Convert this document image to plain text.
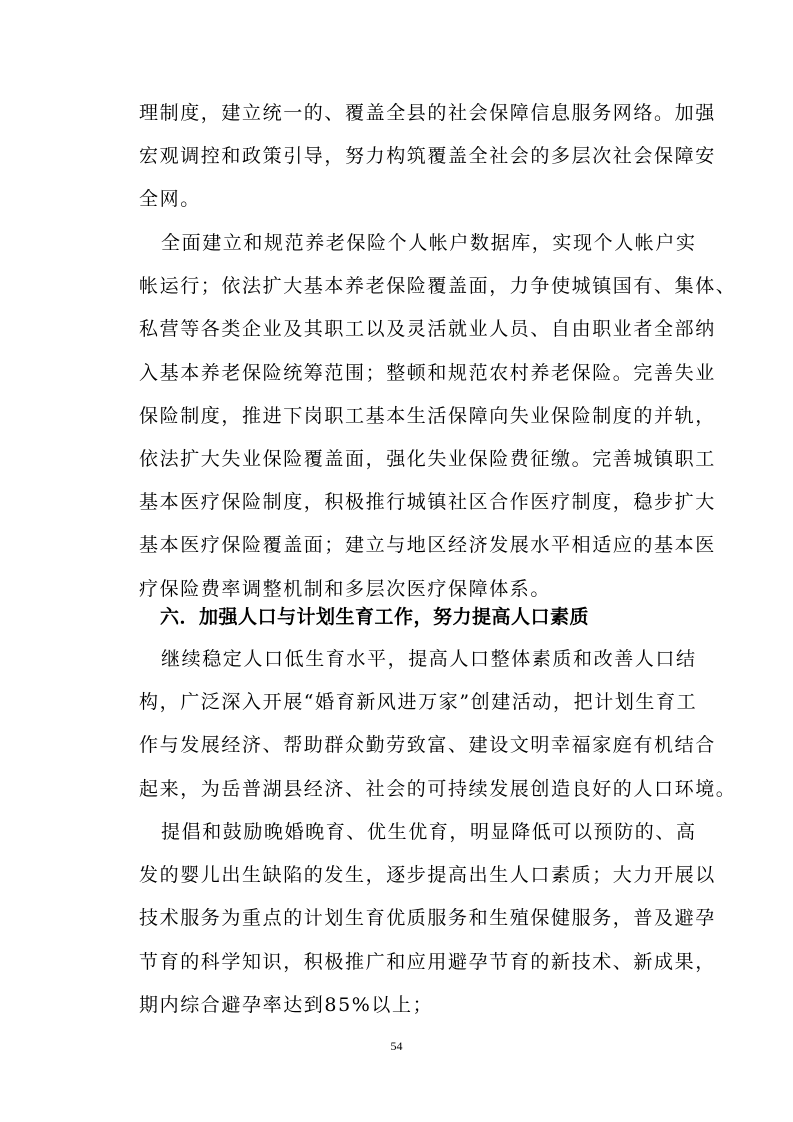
理制度，建立统一的、覆盖全县的社会保障信息服务网络。加强
宏观调控和政策引导，努力构筑覆盖全社会的多层次社会保障安
全网。
全面建立和规范养老保险个人帐户数据库，实现个人帐户实
帐运行；依法扩大基本养老保险覆盖面，力争使城镇国有、集体、
私营等各类企业及其职工以及灵活就业人员、自由职业者全部纳
入基本养老保险统筹范围；整顿和规范农村养老保险。完善失业
保险制度，推进下岗职工基本生活保障向失业保险制度的并轨，
依法扩大失业保险覆盖面，强化失业保险费征缴。完善城镇职工
基本医疗保险制度，积极推行城镇社区合作医疗制度，稳步扩大
基本医疗保险覆盖面；建立与地区经济发展水平相适应的基本医
疗保险费率调整机制和多层次医疗保障体系。
六．加强人口与计划生育工作，努力提高人口素质
继续稳定人口低生育水平，提高人口整体素质和改善人口结
构，广泛深入开展“婚育新风进万家”创建活动，把计划生育工
作与发展经济、帮助群众勤劳致富、建设文明幸福家庭有机结合
起来，为岳普湖县经济、社会的可持续发展创造良好的人口环境。
提倡和鼓励晚婚晚育、优生优育，明显降低可以预防的、高
发的婴儿出生缺陷的发生，逐步提高出生人口素质；大力开展以
技术服务为重点的计划生育优质服务和生殖保健服务，普及避孕
节育的科学知识，积极推广和应用避孕节育的新技术、新成果，
期内综合避孕率达到85%以上；
54
